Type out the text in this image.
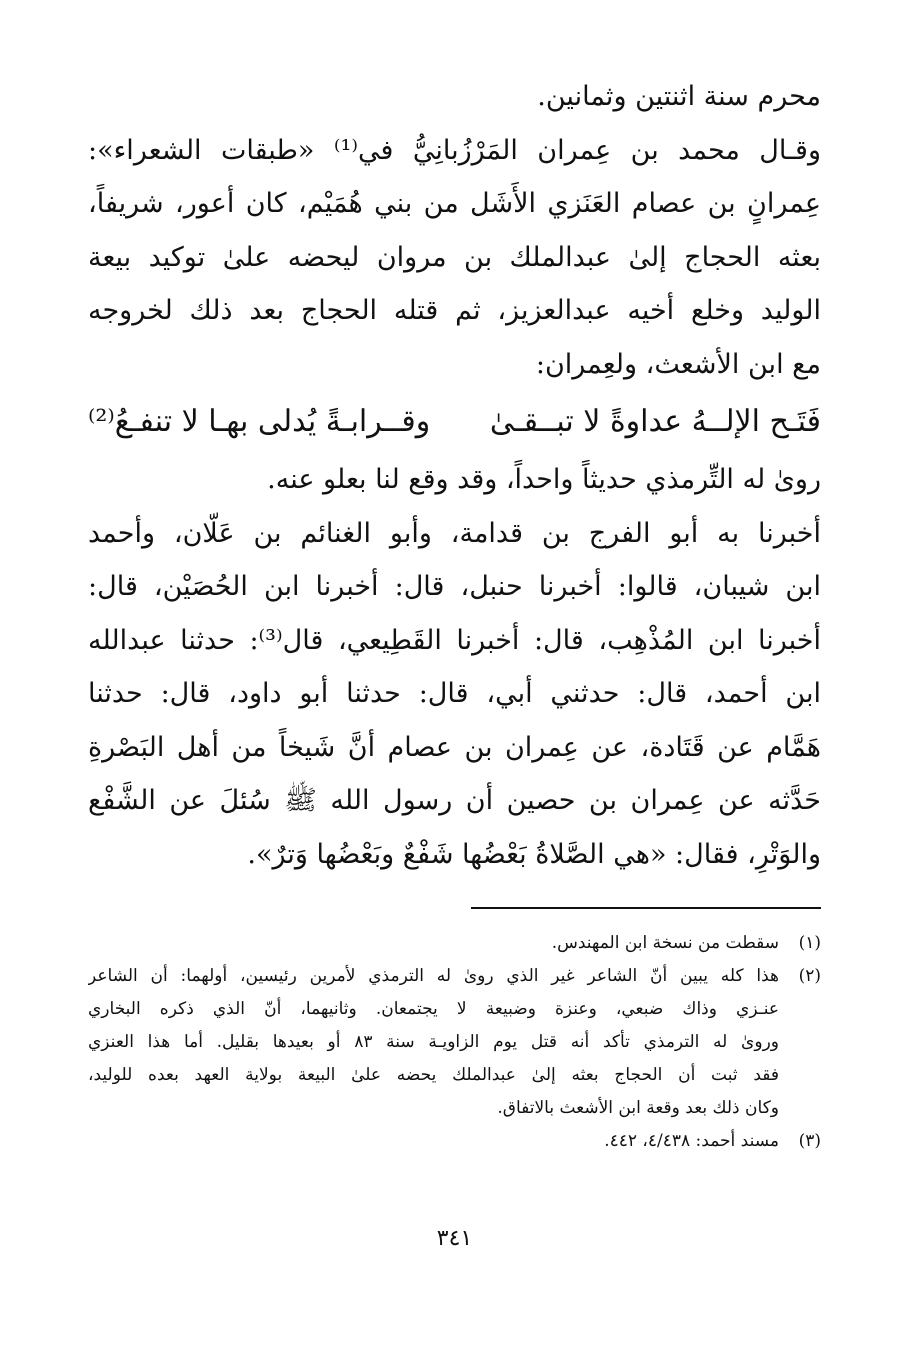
محرم سنة اثنتين وثمانين.
وقـال محمد بن عِمران المَرْزُبانِيُّ في⁽¹⁾ «طبقات الشعراء»:
عِمرانٍ بن عصام العَنَزي الأَشَل من بني هُمَيْم، كان أعور، شريفاً،
بعثه الحجاج إلىٰ عبدالملك بن مروان ليحضه علىٰ توكيد بيعة
الوليد وخلع أخيه عبدالعزيز، ثم قتله الحجاج بعد ذلك لخروجه
مع ابن الأشعث، ولعِمران:
فَتَـح الإلــهُ عداوةً لا تبــقـىٰ
وقــرابـةً يُدلى بهـا لا تنفـعُ⁽²⁾
روىٰ له التِّرمذي حديثاً واحداً، وقد وقع لنا بعلو عنه.
أخبرنا به أبو الفرج بن قدامة، وأبو الغنائم بن عَلّان، وأحمد
ابن شيبان، قالوا: أخبرنا حنبل، قال: أخبرنا ابن الحُصَيْن، قال:
أخبرنا ابن المُذْهِب، قال: أخبرنا القَطِيعي، قال⁽³⁾: حدثنا عبدالله
ابن أحمد، قال: حدثني أبي، قال: حدثنا أبو داود، قال: حدثنا
هَمَّام عن قَتَادة، عن عِمران بن عصام أنَّ شَيخاً من أهل البَصْرةِ
حَدَّثه عن عِمران بن حصين أن رسول الله ﷺ سُئلَ عن الشَّفْع
والوَتْرِ، فقال: «هي الصَّلاةُ بَعْضُها شَفْعٌ وبَعْضُها وَترٌ».
(١)
سقطت من نسخة ابن المهندس.
(٢)
هذا كله يبين أنّ الشاعر غير الذي روىٰ له الترمذي لأمرين رئيسين، أولهما: أن الشاعر
عنـزي وذاك ضبعي، وعنزة وضبيعة لا يجتمعان. وثانيهما، أنّ الذي ذكره البخاري
ورویٰ له الترمذي تأكد أنه قتل يوم الزاويـة سنة ٨٣ أو بعيدها بقليل. أما هذا العنزي
فقد ثبت أن الحجاج بعثه إلىٰ عبدالملك يحضه علىٰ البيعة بولاية العهد بعده للوليد،
وكان ذلك بعد وقعة ابن الأشعث بالاتفاق.
(٣)
مسند أحمد: ٤/٤٣٨، ٤٤٢.
٣٤١
